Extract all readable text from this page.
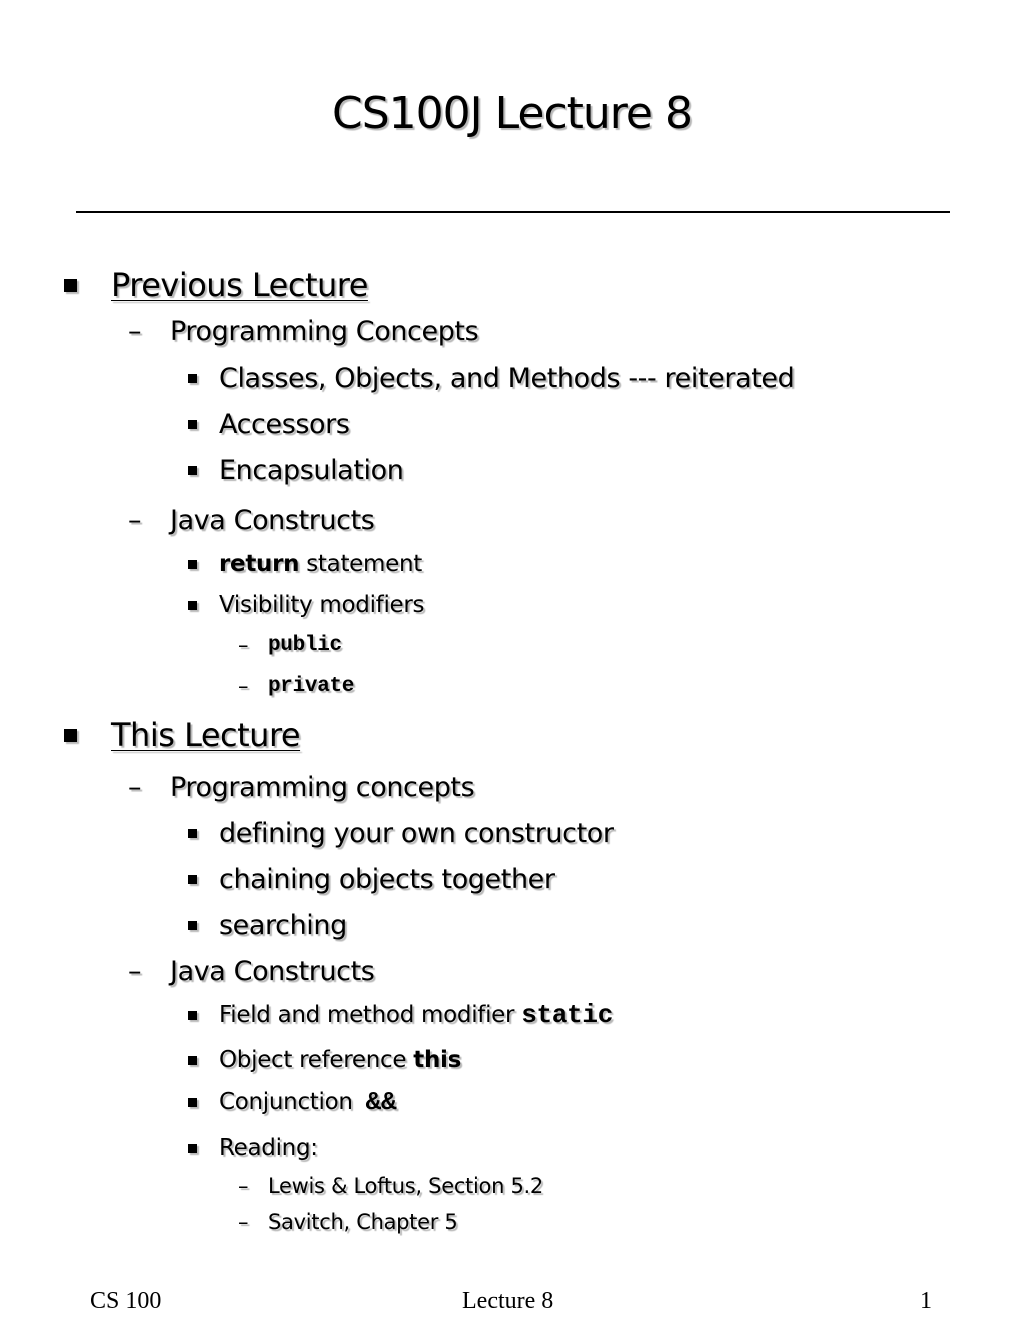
CS100J Lecture 8
Previous Lecture
–	Programming Concepts
Classes, Objects, and Methods --- reiterated
Accessors
Encapsulation
–	Java Constructs
return statement
Visibility modifiers
– public
– private
This Lecture
–	Programming concepts
defining your own constructor
chaining objects together
searching
–	Java Constructs
Field and method modifier static
Object reference this
Conjunction &&
Reading:
– Lewis & Loftus, Section 5.2
– Savitch, Chapter 5
CS 100	Lecture 8	1
